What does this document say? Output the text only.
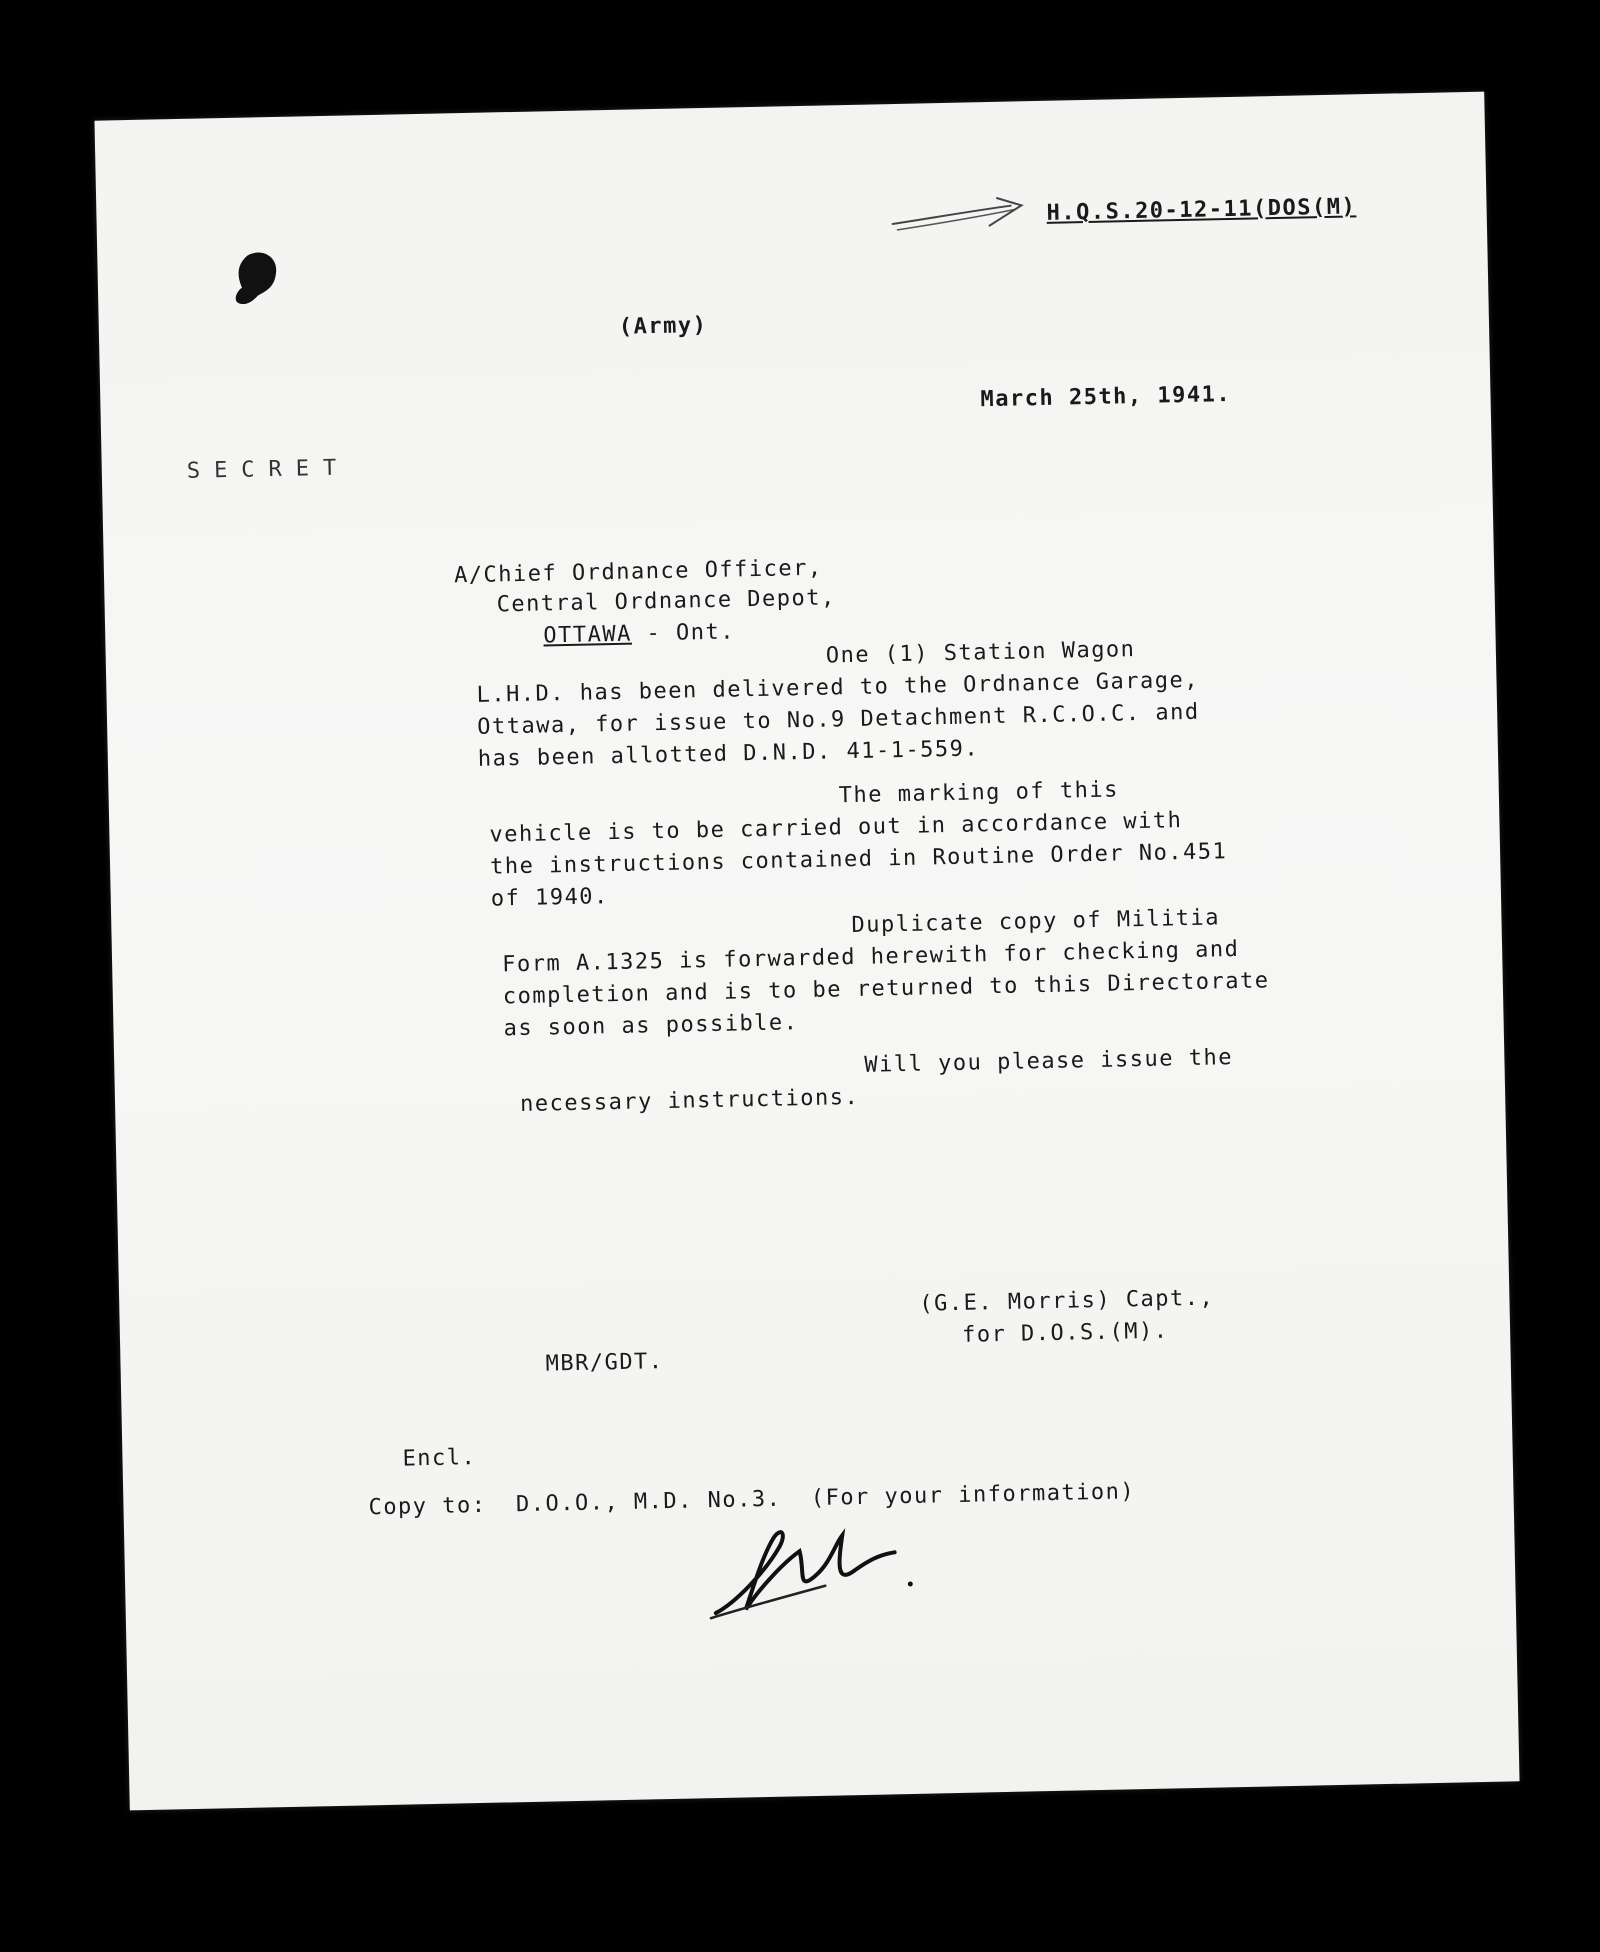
H.Q.S.20-12-11(DOS(M)
(Army)
March 25th, 1941.
SECRET
A/Chief Ordnance Officer,
Central Ordnance Depot,
OTTAWA - Ont.
One (1) Station Wagon
L.H.D. has been delivered to the Ordnance Garage,
Ottawa, for issue to No.9 Detachment R.C.O.C. and
has been allotted D.N.D. 41-1-559.
The marking of this
vehicle is to be carried out in accordance with
the instructions contained in Routine Order No.451
of 1940.
Duplicate copy of Militia
Form A.1325 is forwarded herewith for checking and
completion and is to be returned to this Directorate
as soon as possible.
Will you please issue the
necessary instructions.
(G.E. Morris) Capt.,
for D.O.S.(M).
MBR/GDT.
Encl.
Copy to:  D.O.O., M.D. No.3.  (For your information)
